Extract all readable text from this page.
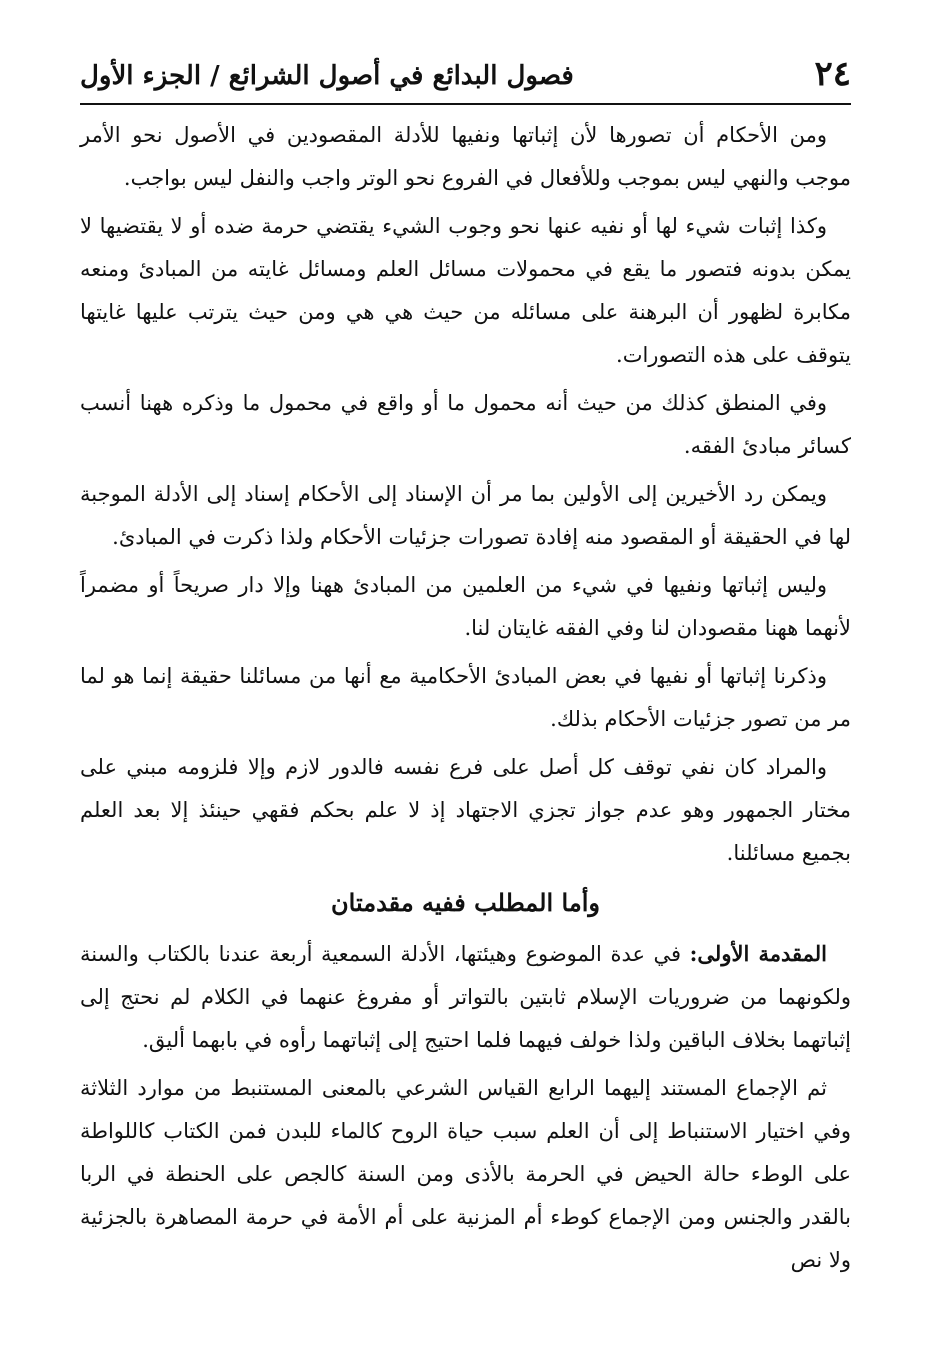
٢٤
فصول البدائع في أصول الشرائع / الجزء الأول

ومن الأحكام أن تصورها لأن إثباتها ونفيها للأدلة المقصودين في الأصول نحو الأمر موجب والنهي ليس بموجب وللأفعال في الفروع نحو الوتر واجب والنفل ليس بواجب.

وكذا إثبات شيء لها أو نفيه عنها نحو وجوب الشيء يقتضي حرمة ضده أو لا يقتضيها لا يمكن بدونه فتصور ما يقع في محمولات مسائل العلم ومسائل غايته من المبادئ ومنعه مكابرة لظهور أن البرهنة على مسائله من حيث هي هي ومن حيث يترتب عليها غايتها يتوقف على هذه التصورات.

وفي المنطق كذلك من حيث أنه محمول ما أو واقع في محمول ما وذكره ههنا أنسب كسائر مبادئ الفقه.

ويمكن رد الأخيرين إلى الأولين بما مر أن الإسناد إلى الأحكام إسناد إلى الأدلة الموجبة لها في الحقيقة أو المقصود منه إفادة تصورات جزئيات الأحكام ولذا ذكرت في المبادئ.

وليس إثباتها ونفيها في شيء من العلمين من المبادئ ههنا وإلا دار صريحاً أو مضمراً لأنهما ههنا مقصودان لنا وفي الفقه غايتان لنا.

وذكرنا إثباتها أو نفيها في بعض المبادئ الأحكامية مع أنها من مسائلنا حقيقة إنما هو لما مر من تصور جزئيات الأحكام بذلك.

والمراد كان نفي توقف كل أصل على فرع نفسه فالدور لازم وإلا فلزومه مبني على مختار الجمهور وهو عدم جواز تجزي الاجتهاد إذ لا علم بحكم فقهي حينئذ إلا بعد العلم بجميع مسائلنا.

وأما المطلب ففيه مقدمتان

المقدمة الأولى: في عدة الموضوع وهيئتها، الأدلة السمعية أربعة عندنا بالكتاب والسنة ولكونهما من ضروريات الإسلام ثابتين بالتواتر أو مفروغ عنهما في الكلام لم نحتج إلى إثباتهما بخلاف الباقين ولذا خولف فيهما فلما احتيج إلى إثباتهما رأوه في بابهما أليق.

ثم الإجماع المستند إليهما الرابع القياس الشرعي بالمعنى المستنبط من موارد الثلاثة وفي اختيار الاستنباط إلى أن العلم سبب حياة الروح كالماء للبدن فمن الكتاب كاللواطة على الوطء حالة الحيض في الحرمة بالأذى ومن السنة كالجص على الحنطة في الربا بالقدر والجنس ومن الإجماع كوطء أم المزنية على أم الأمة في حرمة المصاهرة بالجزئية ولا نص
